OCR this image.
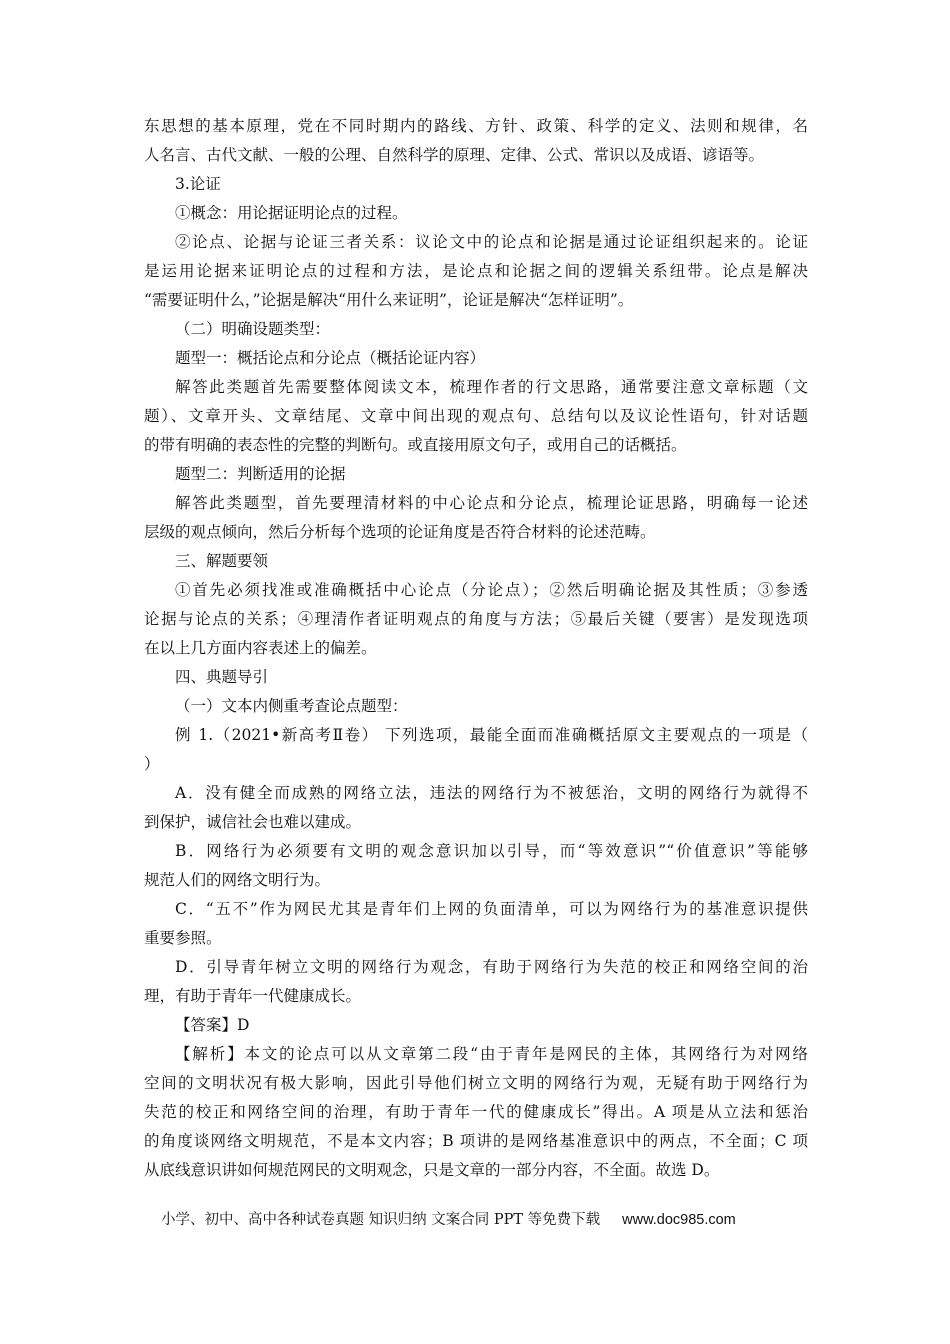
东思想的基本原理，党在不同时期内的路线、方针、政策、科学的定义、法则和规律，名

人名言、古代文献、一般的公理、自然科学的原理、定律、公式、常识以及成语、谚语等。

3.论证

①概念：用论据证明论点的过程。

②论点、论据与论证三者关系：议论文中的论点和论据是通过论证组织起来的。论证

是运用论据来证明论点的过程和方法，是论点和论据之间的逻辑关系纽带。论点是解决

“需要证明什么，”论据是解决“用什么来证明”，论证是解决“怎样证明”。

（二）明确设题类型：

题型一：概括论点和分论点（概括论证内容）

解答此类题首先需要整体阅读文本，梳理作者的行文思路，通常要注意文章标题（文

题）、文章开头、文章结尾、文章中间出现的观点句、总结句以及议论性语句，针对话题

的带有明确的表态性的完整的判断句。或直接用原文句子，或用自己的话概括。

题型二：判断适用的论据

解答此类题型，首先要理清材料的中心论点和分论点，梳理论证思路，明确每一论述

层级的观点倾向，然后分析每个选项的论证角度是否符合材料的论述范畴。

三、解题要领

①首先必须找准或准确概括中心论点（分论点）；②然后明确论据及其性质；③参透

论据与论点的关系；④理清作者证明观点的角度与方法；⑤最后关键（要害）是发现选项

在以上几方面内容表述上的偏差。

四、典题导引

（一）文本内侧重考查论点题型：

例 1.（2021•新高考Ⅱ卷） 下列选项，最能全面而准确概括原文主要观点的一项是（

）

A．没有健全而成熟的网络立法，违法的网络行为不被惩治，文明的网络行为就得不

到保护，诚信社会也难以建成。

B．网络行为必须要有文明的观念意识加以引导，而“等效意识”“价值意识”等能够

规范人们的网络文明行为。

C．“五不”作为网民尤其是青年们上网的负面清单，可以为网络行为的基准意识提供

重要参照。

D．引导青年树立文明的网络行为观念，有助于网络行为失范的校正和网络空间的治

理，有助于青年一代健康成长。

【答案】D

【解析】本文的论点可以从文章第二段“由于青年是网民的主体，其网络行为对网络

空间的文明状况有极大影响，因此引导他们树立文明的网络行为观，无疑有助于网络行为

失范的校正和网络空间的治理，有助于青年一代的健康成长”得出。A 项是从立法和惩治

的角度谈网络文明规范，不是本文内容；B 项讲的是网络基准意识中的两点，不全面；C 项

从底线意识讲如何规范网民的文明观念，只是文章的一部分内容，不全面。故选 D。

小学、初中、高中各种试卷真题 知识归纳 文案合同 PPT 等免费下载 www.doc985.com
